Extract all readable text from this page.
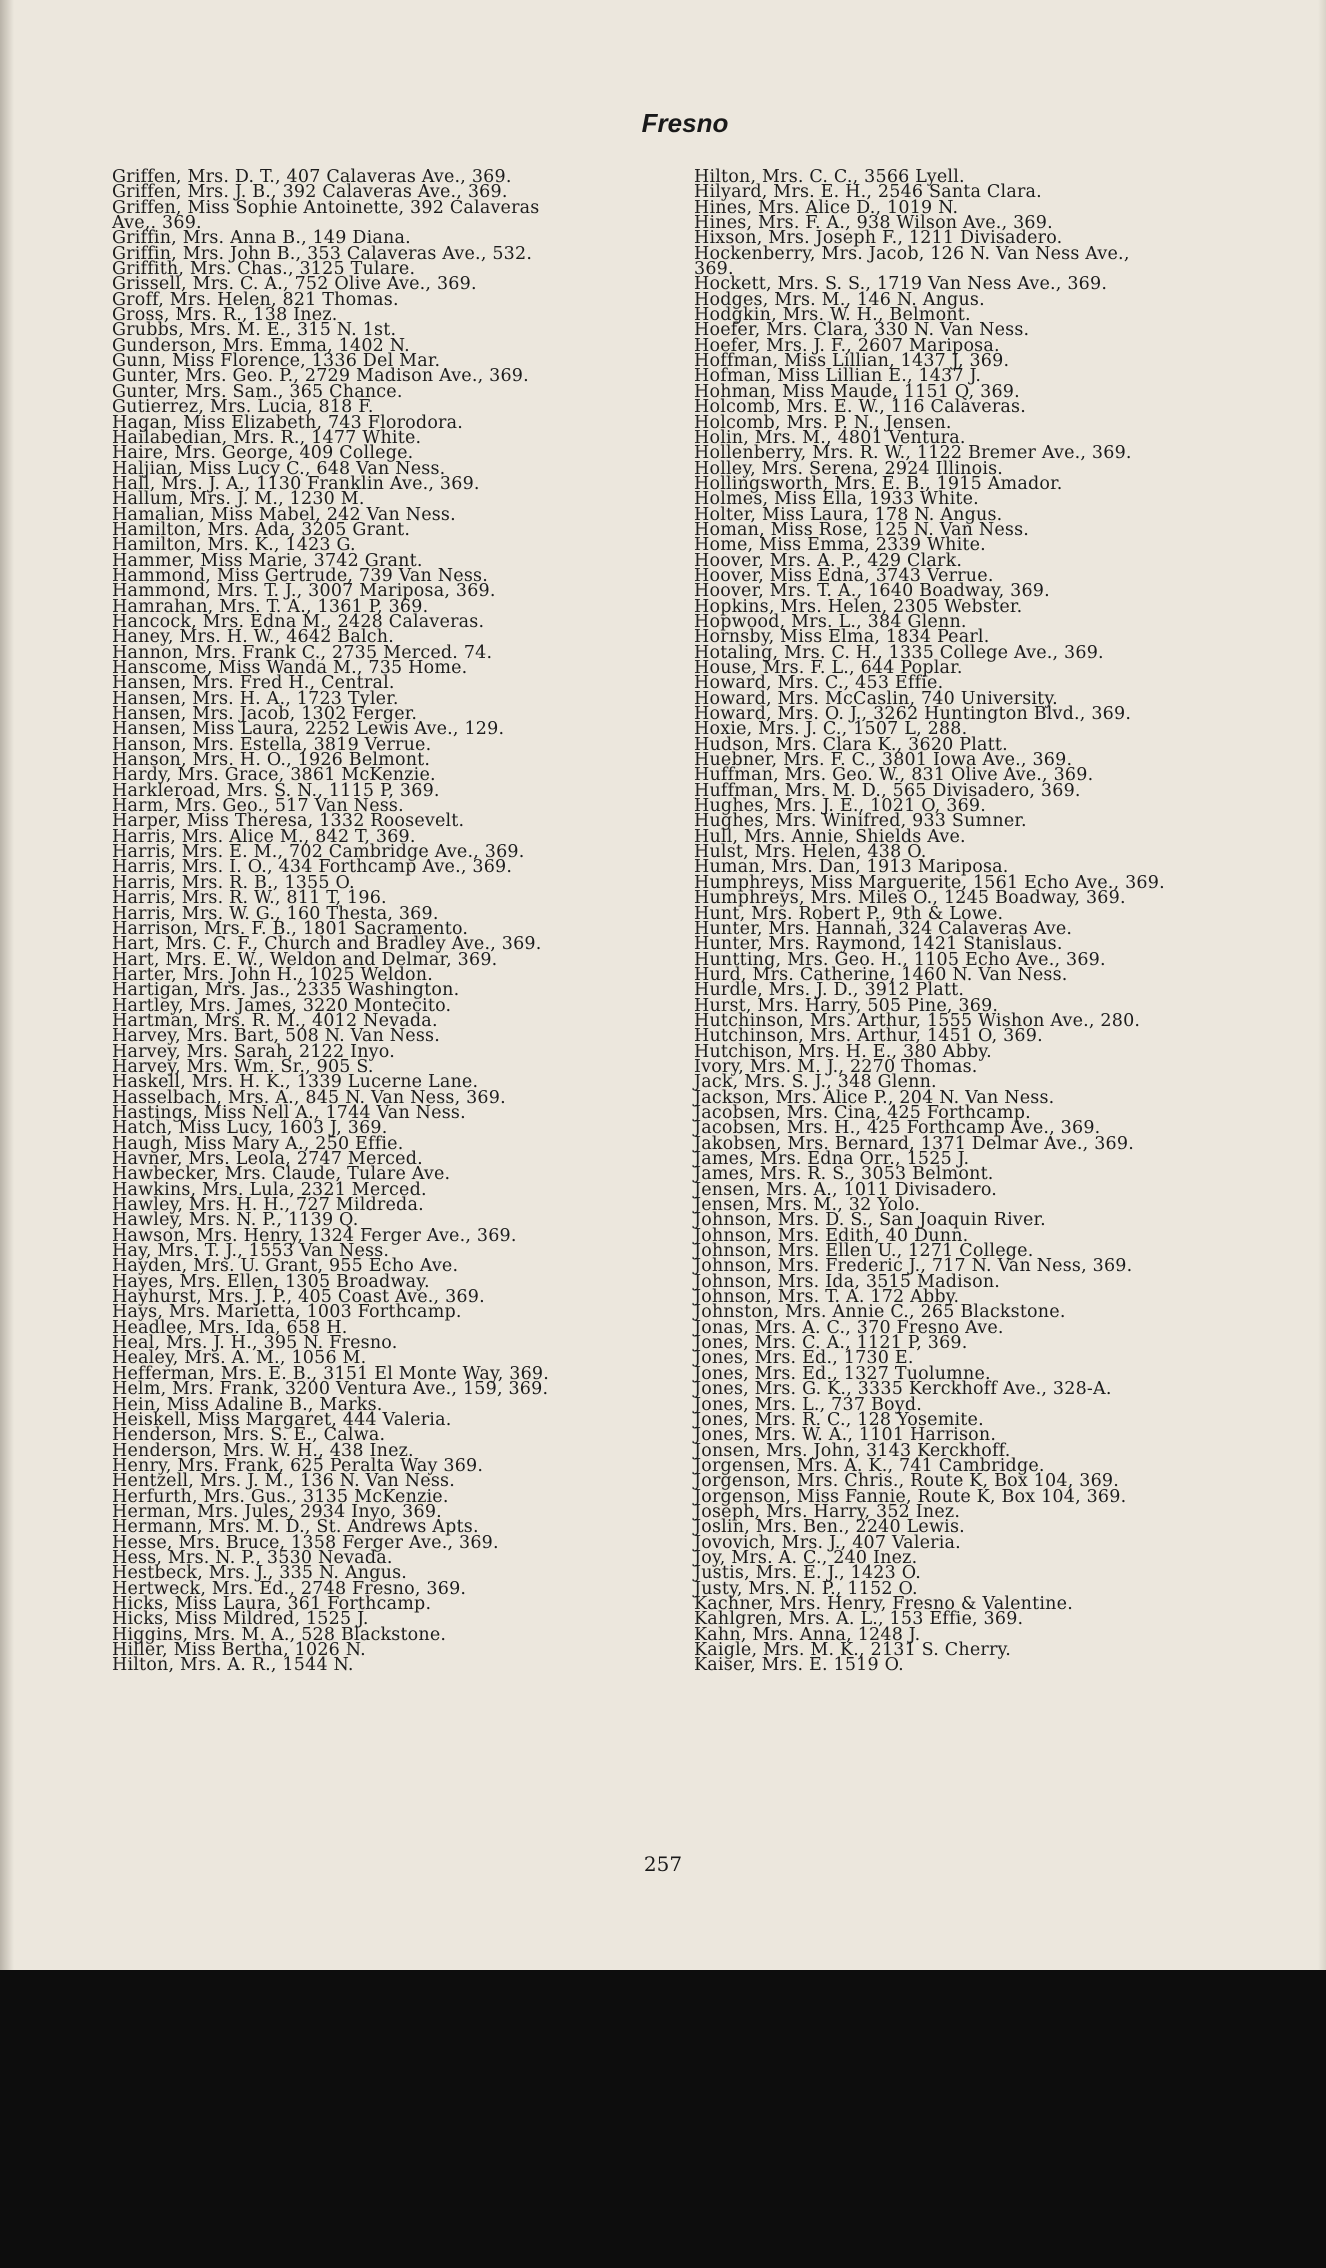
Fresno
Griffen, Mrs. D. T., 407 Calaveras Ave., 369.
Griffen, Mrs. J. B., 392 Calaveras Ave., 369.
Griffen, Miss Sophie Antoinette, 392 Calaveras
Ave,. 369.
Griffin, Mrs. Anna B., 149 Diana.
Griffin, Mrs. John B., 353 Calaveras Ave., 532.
Griffith, Mrs. Chas., 3125 Tulare.
Grissell, Mrs. C. A., 752 Olive Ave., 369.
Groff, Mrs. Helen, 821 Thomas.
Gross, Mrs. R., 138 Inez.
Grubbs, Mrs. M. E., 315 N. 1st.
Gunderson, Mrs. Emma, 1402 N.
Gunn, Miss Florence, 1336 Del Mar.
Gunter, Mrs. Geo. P., 2729 Madison Ave., 369.
Gunter, Mrs. Sam., 365 Chance.
Gutierrez, Mrs. Lucia, 818 F.
Hagan, Miss Elizabeth, 743 Florodora.
Hailabedian, Mrs. R., 1477 White.
Haire, Mrs. George, 409 College.
Haljian, Miss Lucy C., 648 Van Ness.
Hall, Mrs. J. A., 1130 Franklin Ave., 369.
Hallum, Mrs. J. M., 1230 M.
Hamalian, Miss Mabel, 242 Van Ness.
Hamilton, Mrs. Ada, 3205 Grant.
Hamilton, Mrs. K., 1423 G.
Hammer, Miss Marie, 3742 Grant.
Hammond, Miss Gertrude, 739 Van Ness.
Hammond, Mrs. T. J., 3007 Mariposa, 369.
Hamrahan, Mrs. T. A., 1361 P, 369.
Hancock, Mrs. Edna M., 2428 Calaveras.
Haney, Mrs. H. W., 4642 Balch.
Hannon, Mrs. Frank C., 2735 Merced. 74.
Hanscome, Miss Wanda M., 735 Home.
Hansen, Mrs. Fred H., Central.
Hansen, Mrs. H. A., 1723 Tyler.
Hansen, Mrs. Jacob, 1302 Ferger.
Hansen, Miss Laura, 2252 Lewis Ave., 129.
Hanson, Mrs. Estella, 3819 Verrue.
Hanson, Mrs. H. O., 1926 Belmont.
Hardy, Mrs. Grace, 3861 McKenzie.
Harkleroad, Mrs. S. N., 1115 P, 369.
Harm, Mrs. Geo., 517 Van Ness.
Harper, Miss Theresa, 1332 Roosevelt.
Harris, Mrs. Alice M., 842 T, 369.
Harris, Mrs. E. M., 702 Cambridge Ave., 369.
Harris, Mrs. I. O., 434 Forthcamp Ave., 369.
Harris, Mrs. R. B., 1355 O.
Harris, Mrs. R. W., 811 T, 196.
Harris, Mrs. W. G., 160 Thesta, 369.
Harrison, Mrs. F. B., 1801 Sacramento.
Hart, Mrs. C. F., Church and Bradley Ave., 369.
Hart, Mrs. E. W., Weldon and Delmar, 369.
Harter, Mrs. John H., 1025 Weldon.
Hartigan, Mrs. Jas., 2335 Washington.
Hartley, Mrs. James, 3220 Montecito.
Hartman, Mrs. R. M., 4012 Nevada.
Harvey, Mrs. Bart, 508 N. Van Ness.
Harvey, Mrs. Sarah, 2122 Inyo.
Harvey, Mrs. Wm. Sr., 905 S.
Haskell, Mrs. H. K., 1339 Lucerne Lane.
Hasselbach, Mrs. A., 845 N. Van Ness, 369.
Hastings, Miss Nell A., 1744 Van Ness.
Hatch, Miss Lucy, 1603 J, 369.
Haugh, Miss Mary A., 250 Effie.
Havner, Mrs. Leola, 2747 Merced.
Hawbecker, Mrs. Claude, Tulare Ave.
Hawkins, Mrs. Lula, 2321 Merced.
Hawley, Mrs. H. H., 727 Mildreda.
Hawley, Mrs. N. P., 1139 Q.
Hawson, Mrs. Henry, 1324 Ferger Ave., 369.
Hay, Mrs. T. J., 1553 Van Ness.
Hayden, Mrs. U. Grant, 955 Echo Ave.
Hayes, Mrs. Ellen, 1305 Broadway.
Hayhurst, Mrs. J. P., 405 Coast Ave., 369.
Hays, Mrs. Marietta, 1003 Forthcamp.
Headlee, Mrs. Ida, 658 H.
Heal, Mrs. J. H., 395 N. Fresno.
Healey, Mrs. A. M., 1056 M.
Hefferman, Mrs. E. B., 3151 El Monte Way, 369.
Helm, Mrs. Frank, 3200 Ventura Ave., 159, 369.
Hein, Miss Adaline B., Marks.
Heiskell, Miss Margaret, 444 Valeria.
Henderson, Mrs. S. E., Calwa.
Henderson, Mrs. W. H., 438 Inez.
Henry, Mrs. Frank, 625 Peralta Way 369.
Hentzell, Mrs. J. M., 136 N. Van Ness.
Herfurth, Mrs. Gus., 3135 McKenzie.
Herman, Mrs. Jules, 2934 Inyo, 369.
Hermann, Mrs. M. D., St. Andrews Apts.
Hesse, Mrs. Bruce, 1358 Ferger Ave., 369.
Hess, Mrs. N. P., 3530 Nevada.
Hestbeck, Mrs. J., 335 N. Angus.
Hertweck, Mrs. Ed., 2748 Fresno, 369.
Hicks, Miss Laura, 361 Forthcamp.
Hicks, Miss Mildred, 1525 J.
Higgins, Mrs. M. A., 528 Blackstone.
Hiller, Miss Bertha, 1026 N.
Hilton, Mrs. A. R., 1544 N.
Hilton, Mrs. C. C., 3566 Lyell.
Hilyard, Mrs. E. H., 2546 Santa Clara.
Hines, Mrs. Alice D., 1019 N.
Hines, Mrs. F. A., 938 Wilson Ave., 369.
Hixson, Mrs. Joseph F., 1211 Divisadero.
Hockenberry, Mrs. Jacob, 126 N. Van Ness Ave.,
369.
Hockett, Mrs. S. S., 1719 Van Ness Ave., 369.
Hodges, Mrs. M., 146 N. Angus.
Hodgkin, Mrs. W. H., Belmont.
Hoefer, Mrs. Clara, 330 N. Van Ness.
Hoefer, Mrs. J. F., 2607 Mariposa.
Hoffman, Miss Lillian, 1437 J, 369.
Hofman, Miss Lillian E., 1437 J.
Hohman, Miss Maude, 1151 Q, 369.
Holcomb, Mrs. E. W., 116 Calaveras.
Holcomb, Mrs. P. N., Jensen.
Holin, Mrs. M., 4801 Ventura.
Hollenberry, Mrs. R. W., 1122 Bremer Ave., 369.
Holley, Mrs. Serena, 2924 Illinois.
Hollingsworth, Mrs. E. B., 1915 Amador.
Holmes, Miss Ella, 1933 White.
Holter, Miss Laura, 178 N. Angus.
Homan, Miss Rose, 125 N. Van Ness.
Home, Miss Emma, 2339 White.
Hoover, Mrs. A. P., 429 Clark.
Hoover, Miss Edna, 3743 Verrue.
Hoover, Mrs. T. A., 1640 Boadway, 369.
Hopkins, Mrs. Helen, 2305 Webster.
Hopwood, Mrs. L., 384 Glenn.
Hornsby, Miss Elma, 1834 Pearl.
Hotaling, Mrs. C. H., 1335 College Ave., 369.
House, Mrs. F. L., 644 Poplar.
Howard, Mrs. C., 453 Effie.
Howard, Mrs. McCaslin, 740 University.
Howard, Mrs. O. J., 3262 Huntington Blvd., 369.
Hoxie, Mrs. J. C., 1507 L, 288.
Hudson, Mrs. Clara K., 3620 Platt.
Huebner, Mrs. F. C., 3801 Iowa Ave., 369.
Huffman, Mrs. Geo. W., 831 Olive Ave., 369.
Huffman, Mrs. M. D., 565 Divisadero, 369.
Hughes, Mrs. J. E., 1021 O, 369.
Hughes, Mrs. Winifred, 933 Sumner.
Hull, Mrs. Annie, Shields Ave.
Hulst, Mrs. Helen, 438 O.
Human, Mrs. Dan, 1913 Mariposa.
Humphreys, Miss Marguerite, 1561 Echo Ave., 369.
Humphreys, Mrs. Miles O., 1245 Boadway, 369.
Hunt, Mrs. Robert P., 9th & Lowe.
Hunter, Mrs. Hannah, 324 Calaveras Ave.
Hunter, Mrs. Raymond, 1421 Stanislaus.
Huntting, Mrs. Geo. H., 1105 Echo Ave., 369.
Hurd, Mrs. Catherine, 1460 N. Van Ness.
Hurdle, Mrs. J. D., 3912 Platt.
Hurst, Mrs. Harry, 505 Pine, 369.
Hutchinson, Mrs. Arthur, 1555 Wishon Ave., 280.
Hutchinson, Mrs. Arthur, 1451 O, 369.
Hutchison, Mrs. H. E., 380 Abby.
Ivory, Mrs. M. J., 2270 Thomas.
Jack, Mrs. S. J., 348 Glenn.
Jackson, Mrs. Alice P., 204 N. Van Ness.
Jacobsen, Mrs. Cina, 425 Forthcamp.
Jacobsen, Mrs. H., 425 Forthcamp Ave., 369.
Jakobsen, Mrs. Bernard, 1371 Delmar Ave., 369.
James, Mrs. Edna Orr., 1525 J.
James, Mrs. R. S., 3053 Belmont.
Jensen, Mrs. A., 1011 Divisadero.
Jensen, Mrs. M., 32 Yolo.
Johnson, Mrs. D. S., San Joaquin River.
Johnson, Mrs. Edith, 40 Dunn.
Johnson, Mrs. Ellen U., 1271 College.
Johnson, Mrs. Frederic J., 717 N. Van Ness, 369.
Johnson, Mrs. Ida, 3515 Madison.
Johnson, Mrs. T. A. 172 Abby.
Johnston, Mrs. Annie C., 265 Blackstone.
Jonas, Mrs. A. C., 370 Fresno Ave.
Jones, Mrs. C. A., 1121 P, 369.
Jones, Mrs. Ed., 1730 E.
Jones, Mrs. Ed., 1327 Tuolumne.
Jones, Mrs. G. K., 3335 Kerckhoff Ave., 328-A.
Jones, Mrs. L., 737 Boyd.
Jones, Mrs. R. C., 128 Yosemite.
Jones, Mrs. W. A., 1101 Harrison.
Jonsen, Mrs. John, 3143 Kerckhoff.
Jorgensen, Mrs. A. K., 741 Cambridge.
Jorgenson, Mrs. Chris., Route K, Box 104, 369.
Jorgenson, Miss Fannie, Route K, Box 104, 369.
Joseph, Mrs. Harry, 352 Inez.
Joslin, Mrs. Ben., 2240 Lewis.
Jovovich, Mrs. J., 407 Valeria.
Joy, Mrs. A. C., 240 Inez.
Justis, Mrs. E. J., 1423 O.
Justy, Mrs. N. P., 1152 O.
Kachner, Mrs. Henry, Fresno & Valentine.
Kahlgren, Mrs. A. L., 153 Effie, 369.
Kahn, Mrs. Anna, 1248 J.
Kaigle, Mrs. M. K., 2131 S. Cherry.
Kaiser, Mrs. E. 1519 O.
257
